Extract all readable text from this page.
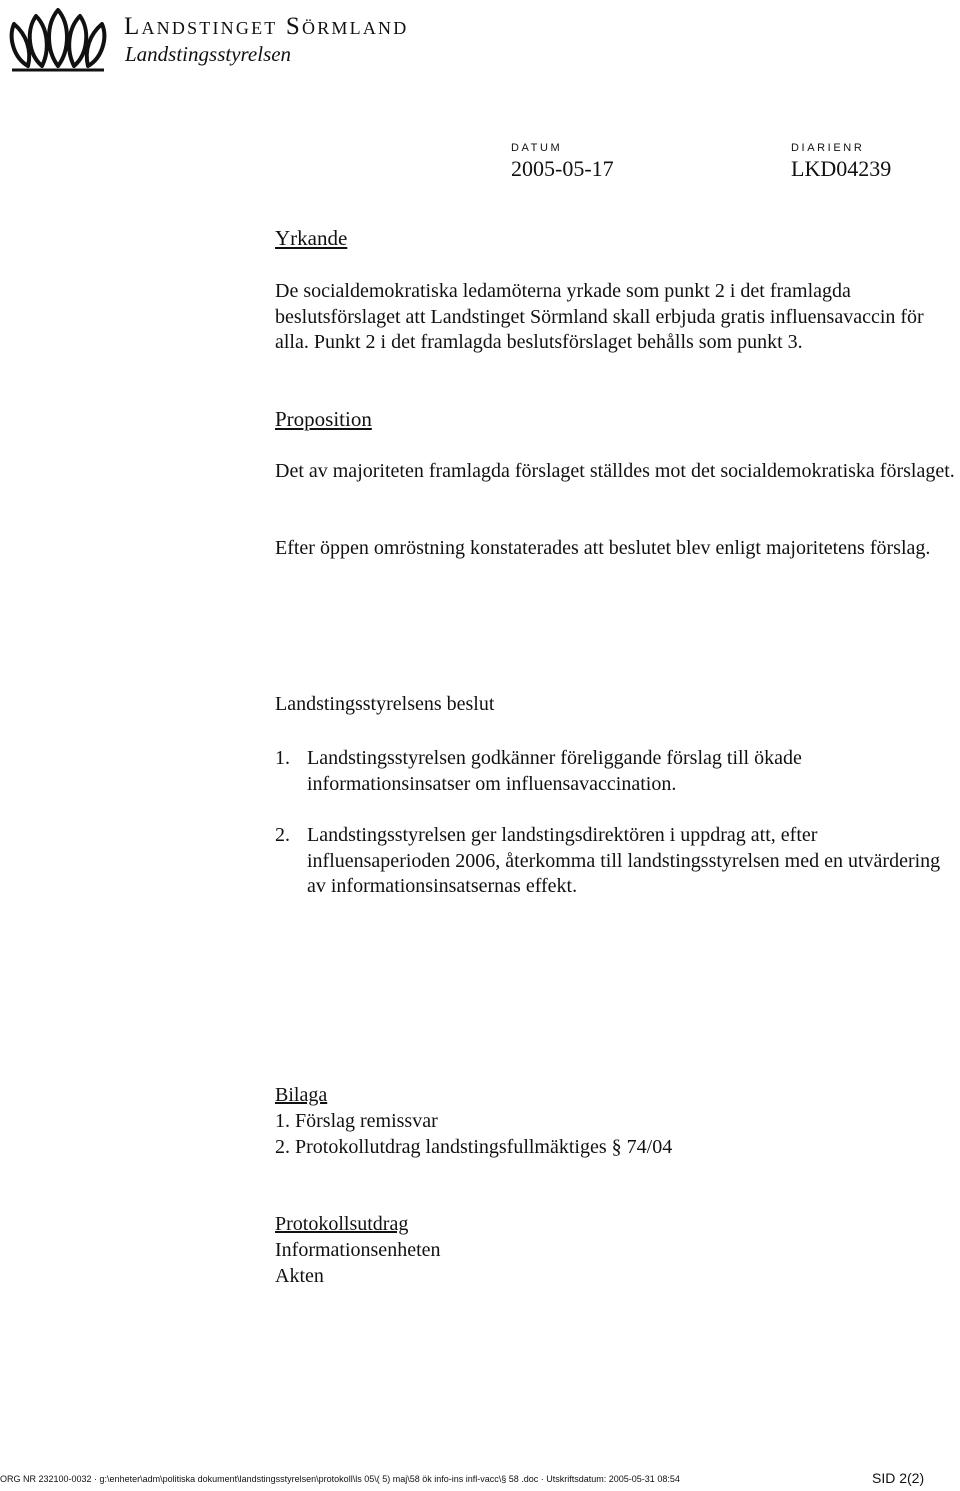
Landstinget Sörmland
Landstingsstyrelsen
DATUM
2005-05-17
DIARIENR
LKD04239
Yrkande

De socialdemokratiska ledamöterna yrkade som punkt 2 i det framlagda beslutsförslaget att Landstinget Sörmland skall erbjuda gratis influensavaccin för alla. Punkt 2 i det framlagda beslutsförslaget behålls som punkt 3.

Proposition

Det av majoriteten framlagda förslaget ställdes mot det socialdemokratiska förslaget.

Efter öppen omröstning konstaterades att beslutet blev enligt majoritetens förslag.

Landstingsstyrelsens beslut
1. Landstingsstyrelsen godkänner föreliggande förslag till ökade informationsinsatser om influensavaccination.
2. Landstingsstyrelsen ger landstingsdirektören i uppdrag att, efter influensaperioden 2006, återkomma till landstingsstyrelsen med en utvärdering av informationsinsatsernas effekt.
Bilaga
1. Förslag remissvar
2. Protokollutdrag landstingsfullmäktiges § 74/04
Protokollsutdrag
Informationsenheten
Akten
ORG NR 232100-0032 · g:\enheter\adm\politiska dokument\landstingsstyrelsen\protokoll\ls 05\( 5) maj\58 ök info-ins infl-vacc\§ 58 .doc · Utskriftsdatum: 2005-05-31 08:54	SID 2(2)
